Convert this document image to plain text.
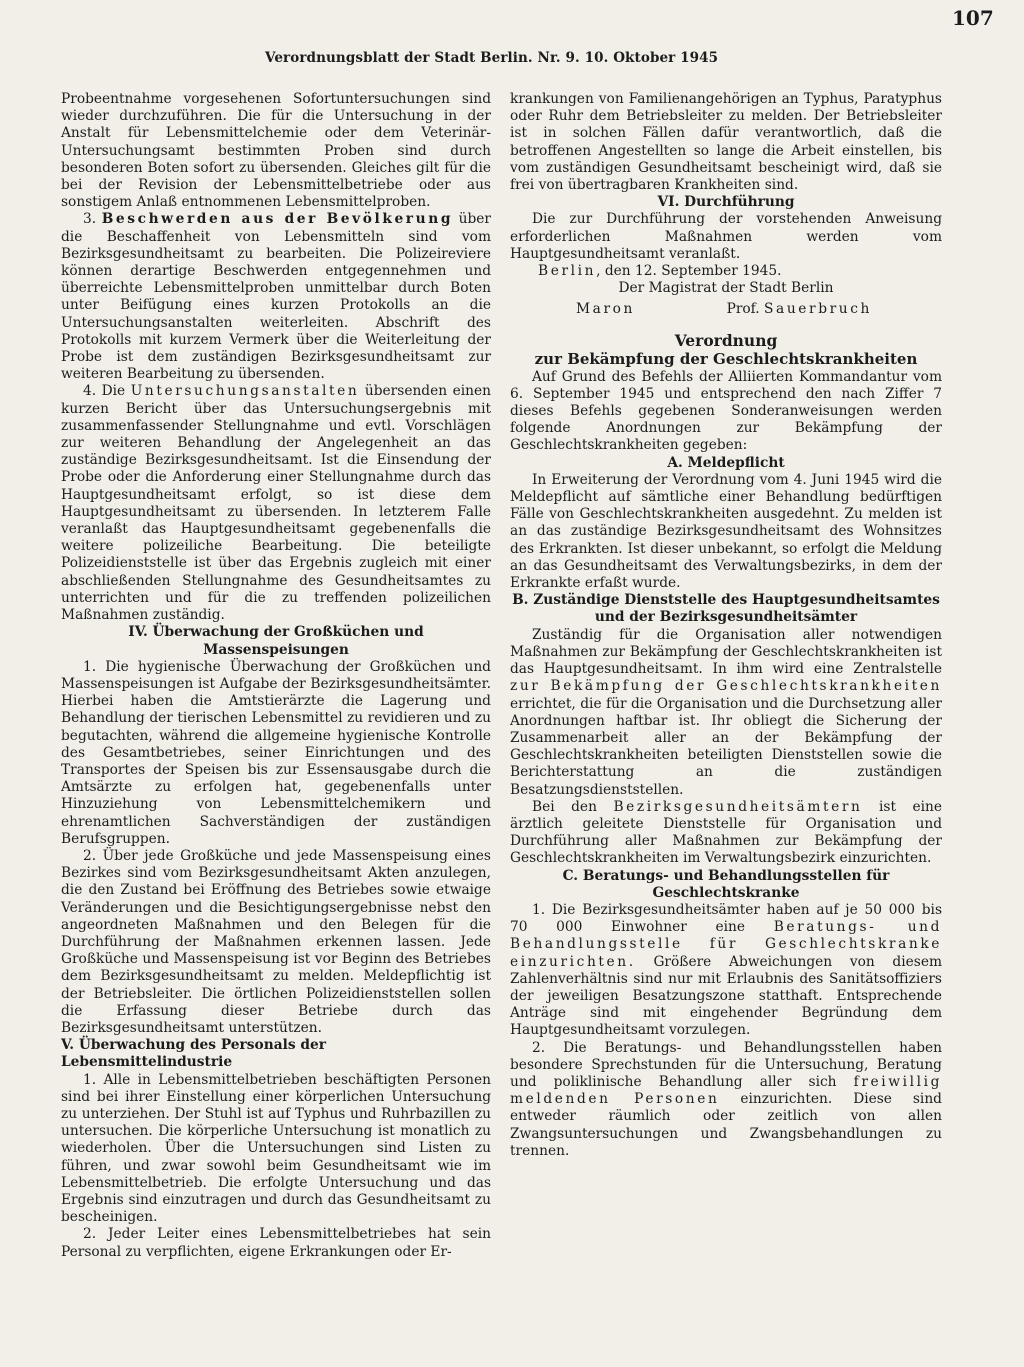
Verordnungsblatt der Stadt Berlin. Nr. 9. 10. Oktober 1945
107

Probeentnahme vorgesehenen Sofortuntersuchungen sind wieder durchzuführen. Die für die Untersuchung in der Anstalt für Lebensmittelchemie oder dem Veterinär-Untersuchungsamt bestimmten Proben sind durch besonderen Boten sofort zu übersenden. Gleiches gilt für die bei der Revision der Lebensmittelbetriebe oder aus sonstigem Anlaß entnommenen Lebensmittelproben.

3. Beschwerden aus der Bevölkerung über die Beschaffenheit von Lebensmitteln sind vom Bezirksgesundheitsamt zu bearbeiten. Die Polizeireviere können derartige Beschwerden entgegennehmen und überreichte Lebensmittelproben unmittelbar durch Boten unter Beifügung eines kurzen Protokolls an die Untersuchungsanstalten weiterleiten. Abschrift des Protokolls mit kurzem Vermerk über die Weiterleitung der Probe ist dem zuständigen Bezirksgesundheitsamt zur weiteren Bearbeitung zu übersenden.

4. Die Untersuchungsanstalten übersenden einen kurzen Bericht über das Untersuchungsergebnis mit zusammenfassender Stellungnahme und evtl. Vorschlägen zur weiteren Behandlung der Angelegenheit an das zuständige Bezirksgesundheitsamt. Ist die Einsendung der Probe oder die Anforderung einer Stellungnahme durch das Hauptgesundheitsamt erfolgt, so ist diese dem Hauptgesundheitsamt zu übersenden. In letzterem Falle veranlaßt das Hauptgesundheitsamt gegebenenfalls die weitere polizeiliche Bearbeitung. Die beteiligte Polizeidienststelle ist über das Ergebnis zugleich mit einer abschließenden Stellungnahme des Gesundheitsamtes zu unterrichten und für die zu treffenden polizeilichen Maßnahmen zuständig.

IV. Überwachung der Großküchen und Massenspeisungen

1. Die hygienische Überwachung der Großküchen und Massenspeisungen ist Aufgabe der Bezirksgesundheitsämter. Hierbei haben die Amtstierärzte die Lagerung und Behandlung der tierischen Lebensmittel zu revidieren und zu begutachten, während die allgemeine hygienische Kontrolle des Gesamtbetriebes, seiner Einrichtungen und des Transportes der Speisen bis zur Essensausgabe durch die Amtsärzte zu erfolgen hat, gegebenenfalls unter Hinzuziehung von Lebensmittelchemikern und ehrenamtlichen Sachverständigen der zuständigen Berufsgruppen.

2. Über jede Großküche und jede Massenspeisung eines Bezirkes sind vom Bezirksgesundheitsamt Akten anzulegen, die den Zustand bei Eröffnung des Betriebes sowie etwaige Veränderungen und die Besichtigungsergebnisse nebst den angeordneten Maßnahmen und den Belegen für die Durchführung der Maßnahmen erkennen lassen. Jede Großküche und Massenspeisung ist vor Beginn des Betriebes dem Bezirksgesundheitsamt zu melden. Meldepflichtig ist der Betriebsleiter. Die örtlichen Polizeidienststellen sollen die Erfassung dieser Betriebe durch das Bezirksgesundheitsamt unterstützen.

V. Überwachung des Personals der Lebensmittelindustrie

1. Alle in Lebensmittelbetrieben beschäftigten Personen sind bei ihrer Einstellung einer körperlichen Untersuchung zu unterziehen. Der Stuhl ist auf Typhus und Ruhrbazillen zu untersuchen. Die körperliche Untersuchung ist monatlich zu wiederholen. Über die Untersuchungen sind Listen zu führen, und zwar sowohl beim Gesundheitsamt wie im Lebensmittelbetrieb. Die erfolgte Untersuchung und das Ergebnis sind einzutragen und durch das Gesundheitsamt zu bescheinigen.

2. Jeder Leiter eines Lebensmittelbetriebes hat sein Personal zu verpflichten, eigene Erkrankungen oder Er-

krankungen von Familienangehörigen an Typhus, Paratyphus oder Ruhr dem Betriebsleiter zu melden. Der Betriebsleiter ist in solchen Fällen dafür verantwortlich, daß die betroffenen Angestellten so lange die Arbeit einstellen, bis vom zuständigen Gesundheitsamt bescheinigt wird, daß sie frei von übertragbaren Krankheiten sind.

VI. Durchführung

Die zur Durchführung der vorstehenden Anweisung erforderlichen Maßnahmen werden vom Hauptgesundheitsamt veranlaßt.

Berlin, den 12. September 1945.

Der Magistrat der Stadt Berlin

Maron	Prof. Sauerbruch

Verordnung

zur Bekämpfung der Geschlechtskrankheiten

Auf Grund des Befehls der Alliierten Kommandantur vom 6. September 1945 und entsprechend den nach Ziffer 7 dieses Befehls gegebenen Sonderanweisungen werden folgende Anordnungen zur Bekämpfung der Geschlechtskrankheiten gegeben:

A. Meldepflicht

In Erweiterung der Verordnung vom 4. Juni 1945 wird die Meldepflicht auf sämtliche einer Behandlung bedürftigen Fälle von Geschlechtskrankheiten ausgedehnt. Zu melden ist an das zuständige Bezirksgesundheitsamt des Wohnsitzes des Erkrankten. Ist dieser unbekannt, so erfolgt die Meldung an das Gesundheitsamt des Verwaltungsbezirks, in dem der Erkrankte erfaßt wurde.

B. Zuständige Dienststelle des Hauptgesundheitsamtes und der Bezirksgesundheitsämter

Zuständig für die Organisation aller notwendigen Maßnahmen zur Bekämpfung der Geschlechtskrankheiten ist das Hauptgesundheitsamt. In ihm wird eine Zentralstelle zur Bekämpfung der Geschlechtskrankheiten errichtet, die für die Organisation und die Durchsetzung aller Anordnungen haftbar ist. Ihr obliegt die Sicherung der Zusammenarbeit aller an der Bekämpfung der Geschlechtskrankheiten beteiligten Dienststellen sowie die Berichterstattung an die zuständigen Besatzungsdienststellen.

Bei den Bezirksgesundheitsämtern ist eine ärztlich geleitete Dienststelle für Organisation und Durchführung aller Maßnahmen zur Bekämpfung der Geschlechtskrankheiten im Verwaltungsbezirk einzurichten.

C. Beratungs- und Behandlungsstellen für Geschlechtskranke

1. Die Bezirksgesundheitsämter haben auf je 50 000 bis 70 000 Einwohner eine Beratungs- und Behandlungsstelle für Geschlechtskranke einzurichten. Größere Abweichungen von diesem Zahlenverhältnis sind nur mit Erlaubnis des Sanitätsoffiziers der jeweiligen Besatzungszone statthaft. Entsprechende Anträge sind mit eingehender Begründung dem Hauptgesundheitsamt vorzulegen.

2. Die Beratungs- und Behandlungsstellen haben besondere Sprechstunden für die Untersuchung, Beratung und poliklinische Behandlung aller sich freiwillig meldenden Personen einzurichten. Diese sind entweder räumlich oder zeitlich von allen Zwangsuntersuchungen und Zwangsbehandlungen zu trennen.
